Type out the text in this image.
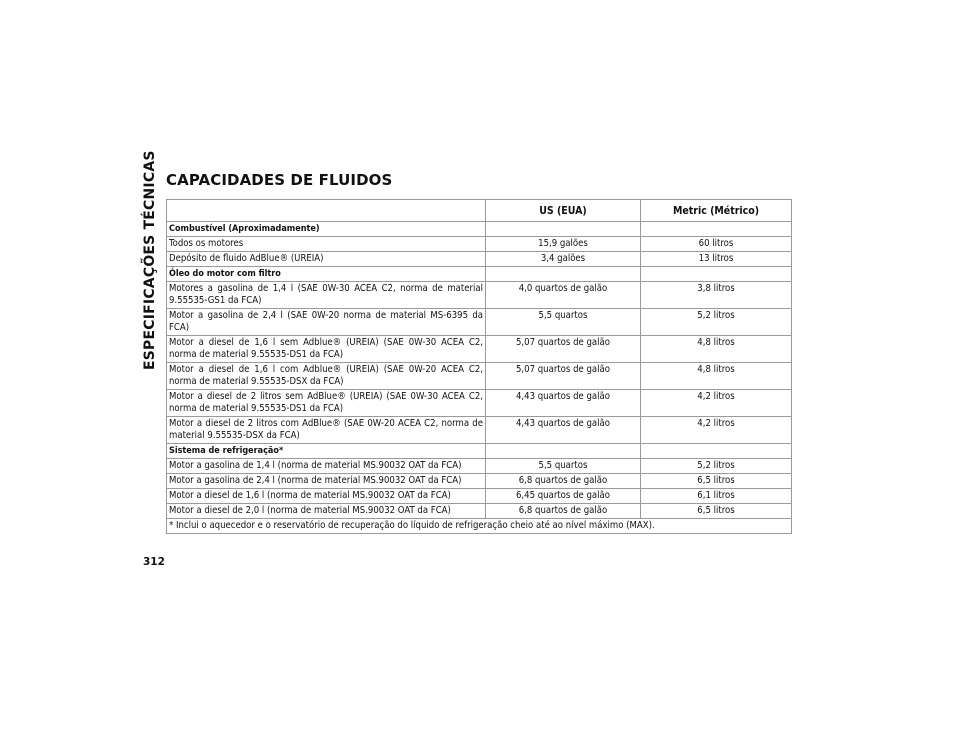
ESPECIFICAÇÕES TÉCNICAS CAPACIDADES DE FLUIDOS
	US (EUA)	Metric (Métrico)
Combustível (Aproximadamente)		
Todos os motores	15,9 galões	60 litros
Depósito de fluido AdBlue® (UREIA)	3,4 galões	13 litros
Óleo do motor com filtro		
Motores a gasolina de 1,4 l (SAE 0W-30 ACEA C2, norma de material 9.55535-GS1 da FCA)	4,0 quartos de galão	3,8 litros
Motor a gasolina de 2,4 l (SAE 0W-20 norma de material MS-6395 da FCA)	5,5 quartos	5,2 litros
Motor a diesel de 1,6 l sem Adblue® (UREIA) (SAE 0W-30 ACEA C2, norma de material 9.55535-DS1 da FCA)	5,07 quartos de galão	4,8 litros
Motor a diesel de 1,6 l com Adblue® (UREIA) (SAE 0W-20 ACEA C2, norma de material 9.55535-DSX da FCA)	5,07 quartos de galão	4,8 litros
Motor a diesel de 2 litros sem AdBlue® (UREIA) (SAE 0W-30 ACEA C2, norma de material 9.55535-DS1 da FCA)	4,43 quartos de galão	4,2 litros
Motor a diesel de 2 litros com AdBlue® (SAE 0W-20 ACEA C2, norma de material 9.55535-DSX da FCA)	4,43 quartos de galão	4,2 litros
Sistema de refrigeração*		
Motor a gasolina de 1,4 l (norma de material MS.90032 OAT da FCA)	5,5 quartos	5,2 litros
Motor a gasolina de 2,4 l (norma de material MS.90032 OAT da FCA)	6,8 quartos de galão	6,5 litros
Motor a diesel de 1,6 l (norma de material MS.90032 OAT da FCA)	6,45 quartos de galão	6,1 litros
Motor a diesel de 2,0 l (norma de material MS.90032 OAT da FCA)	6,8 quartos de galão	6,5 litros
* Inclui o aquecedor e o reservatório de recuperação do líquido de refrigeração cheio até ao nível máximo (MAX).		
312
